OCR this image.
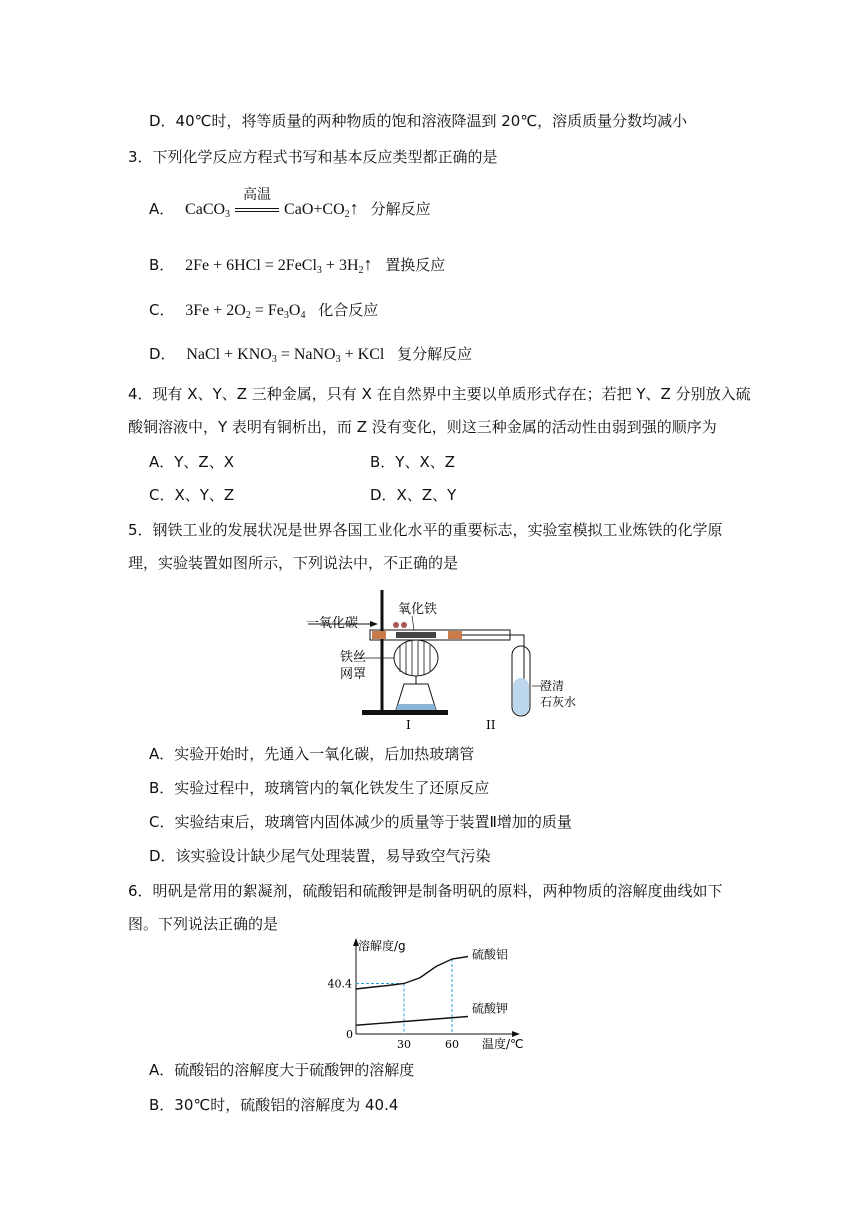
D．40℃时，将等质量的两种物质的饱和溶液降温到 20℃，溶质质量分数均减小
3．下列化学反应方程式书写和基本反应类型都正确的是
A． CaCO$_3$
高温
$CaO+CO_2↑$ 分解反应
B． 2Fe + 6HCl = 2FeCl$_3$ + $3H_2↑$ 置换反应
C． $3Fe + 2O_2 = Fe_3O_4$ 化合反应
D． NaCl + $KNO_3$ = NaNO$_3$ + KCl 复分解反应
4．现有 X、Y、Z 三种金属，只有 X 在自然界中主要以单质形式存在；若把 Y、Z 分别放入硫
酸铜溶液中，Y 表明有铜析出，而 Z 没有变化，则这三种金属的活动性由弱到强的顺序为
A．Y、Z、X	B．Y、X、Z
C．X、Y、Z	D．X、Z、Y
5．钢铁工业的发展状况是世界各国工业化水平的重要标志，实验室模拟工业炼铁的化学原
理，实验装置如图所示，下列说法中，不正确的是
一氧化碳
氧化铁
铁丝
网罩
澄清
石灰水
I	II
A．实验开始时，先通入一氧化碳，后加热玻璃管
B．实验过程中，玻璃管内的氧化铁发生了还原反应
C．实验结束后，玻璃管内固体减少的质量等于装置Ⅱ增加的质量
D．该实验设计缺少尾气处理装置，易导致空气污染
6．明矾是常用的絮凝剂，硫酸铝和硫酸钾是制备明矾的原料，两种物质的溶解度曲线如下
图。下列说法正确的是
溶解度/g
温度/℃
0
40.4
30	60
硫酸铝
硫酸钾
A．硫酸铝的溶解度大于硫酸钾的溶解度
B．30℃时，硫酸铝的溶解度为 40.4
